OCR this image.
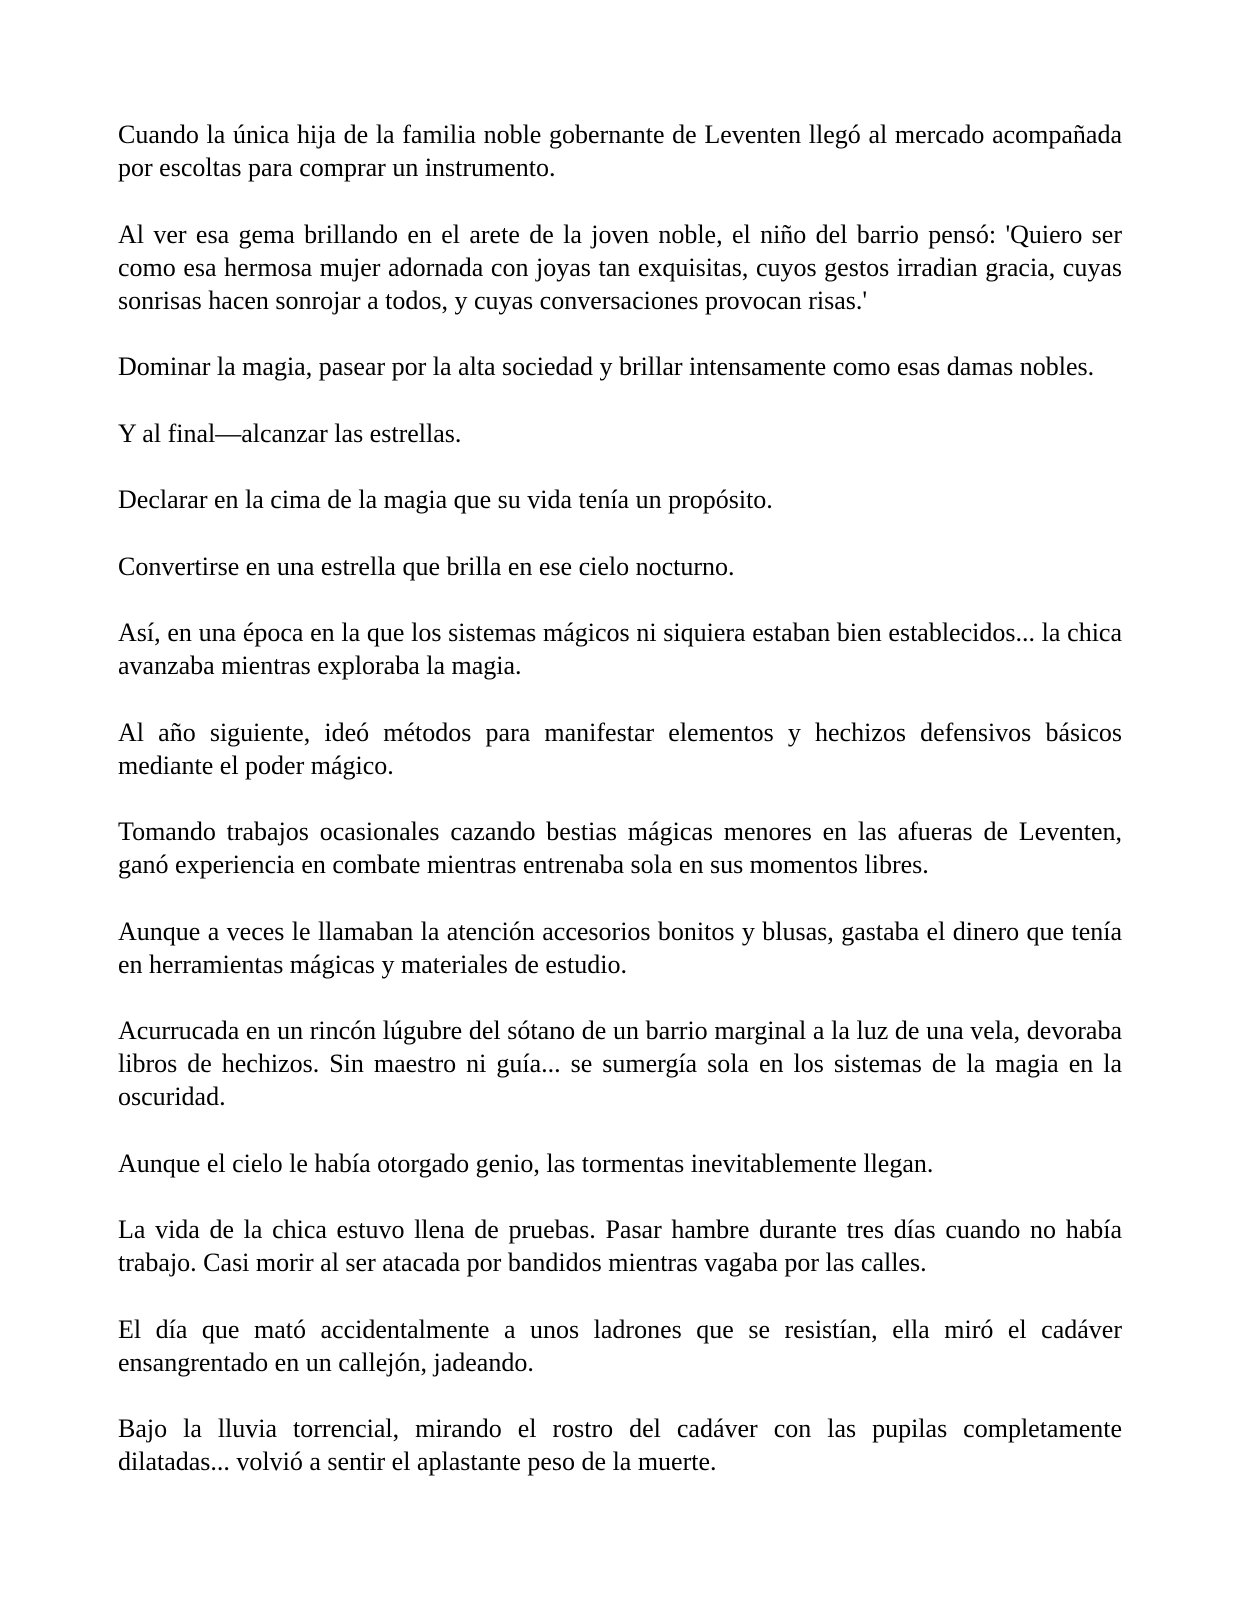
Cuando la única hija de la familia noble gobernante de Leventen llegó al mercado acompañada por escoltas para comprar un instrumento.

Al ver esa gema brillando en el arete de la joven noble, el niño del barrio pensó: 'Quiero ser como esa hermosa mujer adornada con joyas tan exquisitas, cuyos gestos irradian gracia, cuyas sonrisas hacen sonrojar a todos, y cuyas conversaciones provocan risas.'

Dominar la magia, pasear por la alta sociedad y brillar intensamente como esas damas nobles.

Y al final—alcanzar las estrellas.

Declarar en la cima de la magia que su vida tenía un propósito.

Convertirse en una estrella que brilla en ese cielo nocturno.

Así, en una época en la que los sistemas mágicos ni siquiera estaban bien establecidos... la chica avanzaba mientras exploraba la magia.

Al año siguiente, ideó métodos para manifestar elementos y hechizos defensivos básicos mediante el poder mágico.

Tomando trabajos ocasionales cazando bestias mágicas menores en las afueras de Leventen, ganó experiencia en combate mientras entrenaba sola en sus momentos libres.

Aunque a veces le llamaban la atención accesorios bonitos y blusas, gastaba el dinero que tenía en herramientas mágicas y materiales de estudio.

Acurrucada en un rincón lúgubre del sótano de un barrio marginal a la luz de una vela, devoraba libros de hechizos. Sin maestro ni guía... se sumergía sola en los sistemas de la magia en la oscuridad.

Aunque el cielo le había otorgado genio, las tormentas inevitablemente llegan.

La vida de la chica estuvo llena de pruebas. Pasar hambre durante tres días cuando no había trabajo. Casi morir al ser atacada por bandidos mientras vagaba por las calles.

El día que mató accidentalmente a unos ladrones que se resistían, ella miró el cadáver ensangrentado en un callejón, jadeando.

Bajo la lluvia torrencial, mirando el rostro del cadáver con las pupilas completamente dilatadas... volvió a sentir el aplastante peso de la muerte.
